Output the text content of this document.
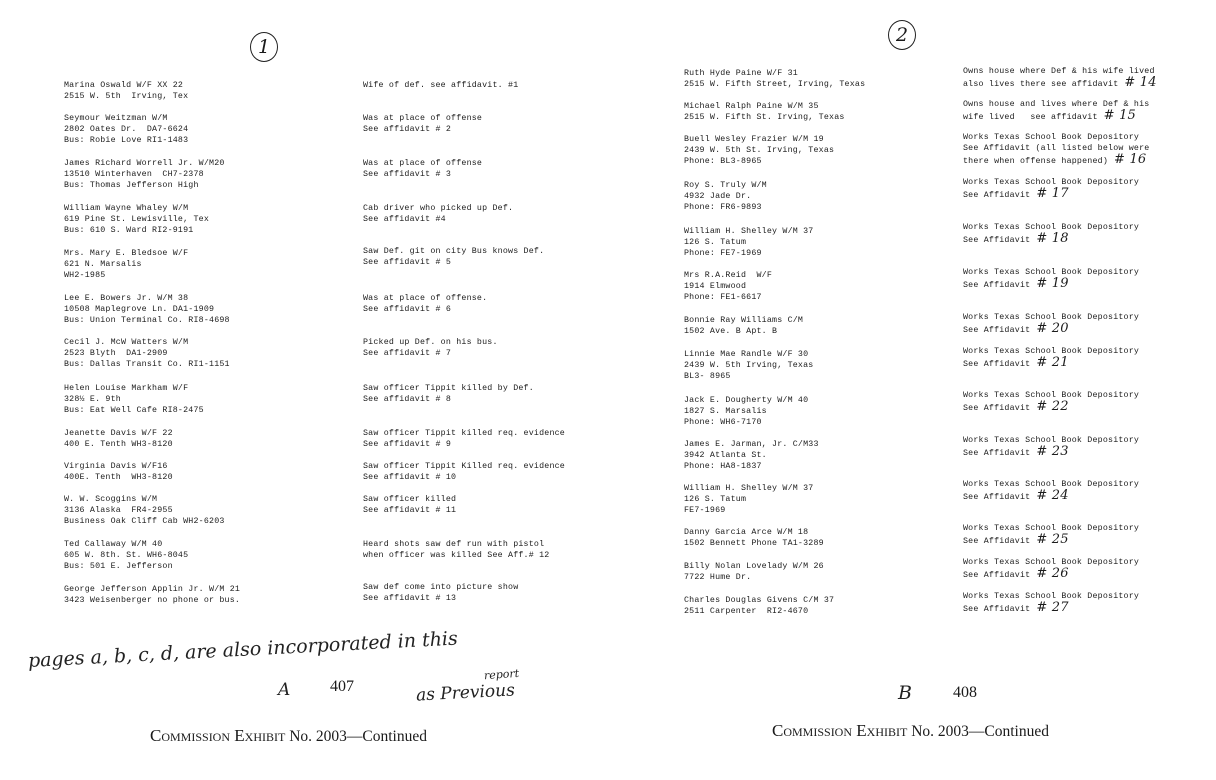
1
Marina Oswald W/F XX 22
2515 W. 5th  Irving, Tex
Wife of def. see affidavit. #1
Seymour Weitzman W/M
2802 Oates Dr.  DA7-6624
Bus: Robie Love RI1-1483
Was at place of offense
See affidavit # 2
James Richard Worrell Jr. W/M20
13510 Winterhaven  CH7-2378
Bus: Thomas Jefferson High
Was at place of offense
See affidavit # 3
William Wayne Whaley W/M
619 Pine St. Lewisville, Tex
Bus: 610 S. Ward RI2-9191
Cab driver who picked up Def.
See affidavit #4
Mrs. Mary E. Bledsoe W/F
621 N. Marsalis
WH2-1985
Saw Def. git on city Bus knows Def.
See affidavit # 5
Lee E. Bowers Jr. W/M 38
10508 Maplegrove Ln. DA1-1909
Bus: Union Terminal Co. RI8-4698
Was at place of offense.
See affidavit # 6
Cecil J. McW Watters W/M
2523 Blyth  DA1-2909
Bus: Dallas Transit Co. RI1-1151
Picked up Def. on his bus.
See affidavit # 7
Helen Louise Markham W/F
328½ E. 9th
Bus: Eat Well Cafe RI8-2475
Saw officer Tippit killed by Def.
See affidavit # 8
Jeanette Davis W/F 22
400 E. Tenth WH3-8120
Saw officer Tippit killed req. evidence
See affidavit # 9
Virginia Davis W/F16
400E. Tenth  WH3-8120
Saw officer Tippit Killed req. evidence
See affidavit # 10
W. W. Scoggins W/M
3136 Alaska  FR4-2955
Business Oak Cliff Cab WH2-6203
Saw officer killed
See affidavit # 11
Ted Callaway W/M 40
605 W. 8th. St. WH6-8045
Bus: 501 E. Jefferson
Heard shots saw def run with pistol
when officer was killed See Aff.# 12
George Jefferson Applin Jr. W/M 21
3423 Weisenberger no phone or bus.
Saw def come into picture show
See affidavit # 13
pages a, b, c, d, are also incorporated in this
report
as Previous
A 407
Commission Exhibit No. 2003—Continued
2
Ruth Hyde Paine W/F 31
2515 W. Fifth Street, Irving, Texas
Michael Ralph Paine W/M 35
2515 W. Fifth St. Irving, Texas
Buell Wesley Frazier W/M 19
2439 W. 5th St. Irving, Texas
Phone: BL3-8965
Roy S. Truly W/M
4932 Jade Dr.
Phone: FR6-9893
William H. Shelley W/M 37
126 S. Tatum
Phone: FE7-1969
Mrs R.A.Reid  W/F
1914 Elmwood
Phone: FE1-6617
Bonnie Ray Williams C/M
1502 Ave. B Apt. B
Linnie Mae Randle W/F 30
2439 W. 5th Irving, Texas
BL3- 8965
Jack E. Dougherty W/M 40
1827 S. Marsalis
Phone: WH6-7170
James E. Jarman, Jr. C/M33
3942 Atlanta St.
Phone: HA8-1837
William H. Shelley W/M 37
126 S. Tatum
FE7-1969
Danny Garcia Arce W/M 18
1502 Bennett Phone TA1-3289
Billy Nolan Lovelady W/M 26
7722 Hume Dr.
Charles Douglas Givens C/M 37
2511 Carpenter  RI2-4670
Owns house where Def & his wife lived
also lives there see affidavit # 14
Owns house and lives where Def & his
wife lived   see affidavit # 15
Works Texas School Book Depository
See Affidavit (all listed below were
there when offense happened) # 16
Works Texas School Book Depository
See Affidavit # 17
Works Texas School Book Depository
See Affidavit # 18
Works Texas School Book Depository
See Affidavit # 19
Works Texas School Book Depository
See Affidavit # 20
Works Texas School Book Depository
See Affidavit # 21
Works Texas School Book Depository
See Affidavit # 22
Works Texas School Book Depository
See Affidavit # 23
Works Texas School Book Depository
See Affidavit # 24
Works Texas School Book Depository
See Affidavit # 25
Works Texas School Book Depository
See Affidavit # 26
Works Texas School Book Depository
See Affidavit # 27
B	408
Commission Exhibit No. 2003—Continued
